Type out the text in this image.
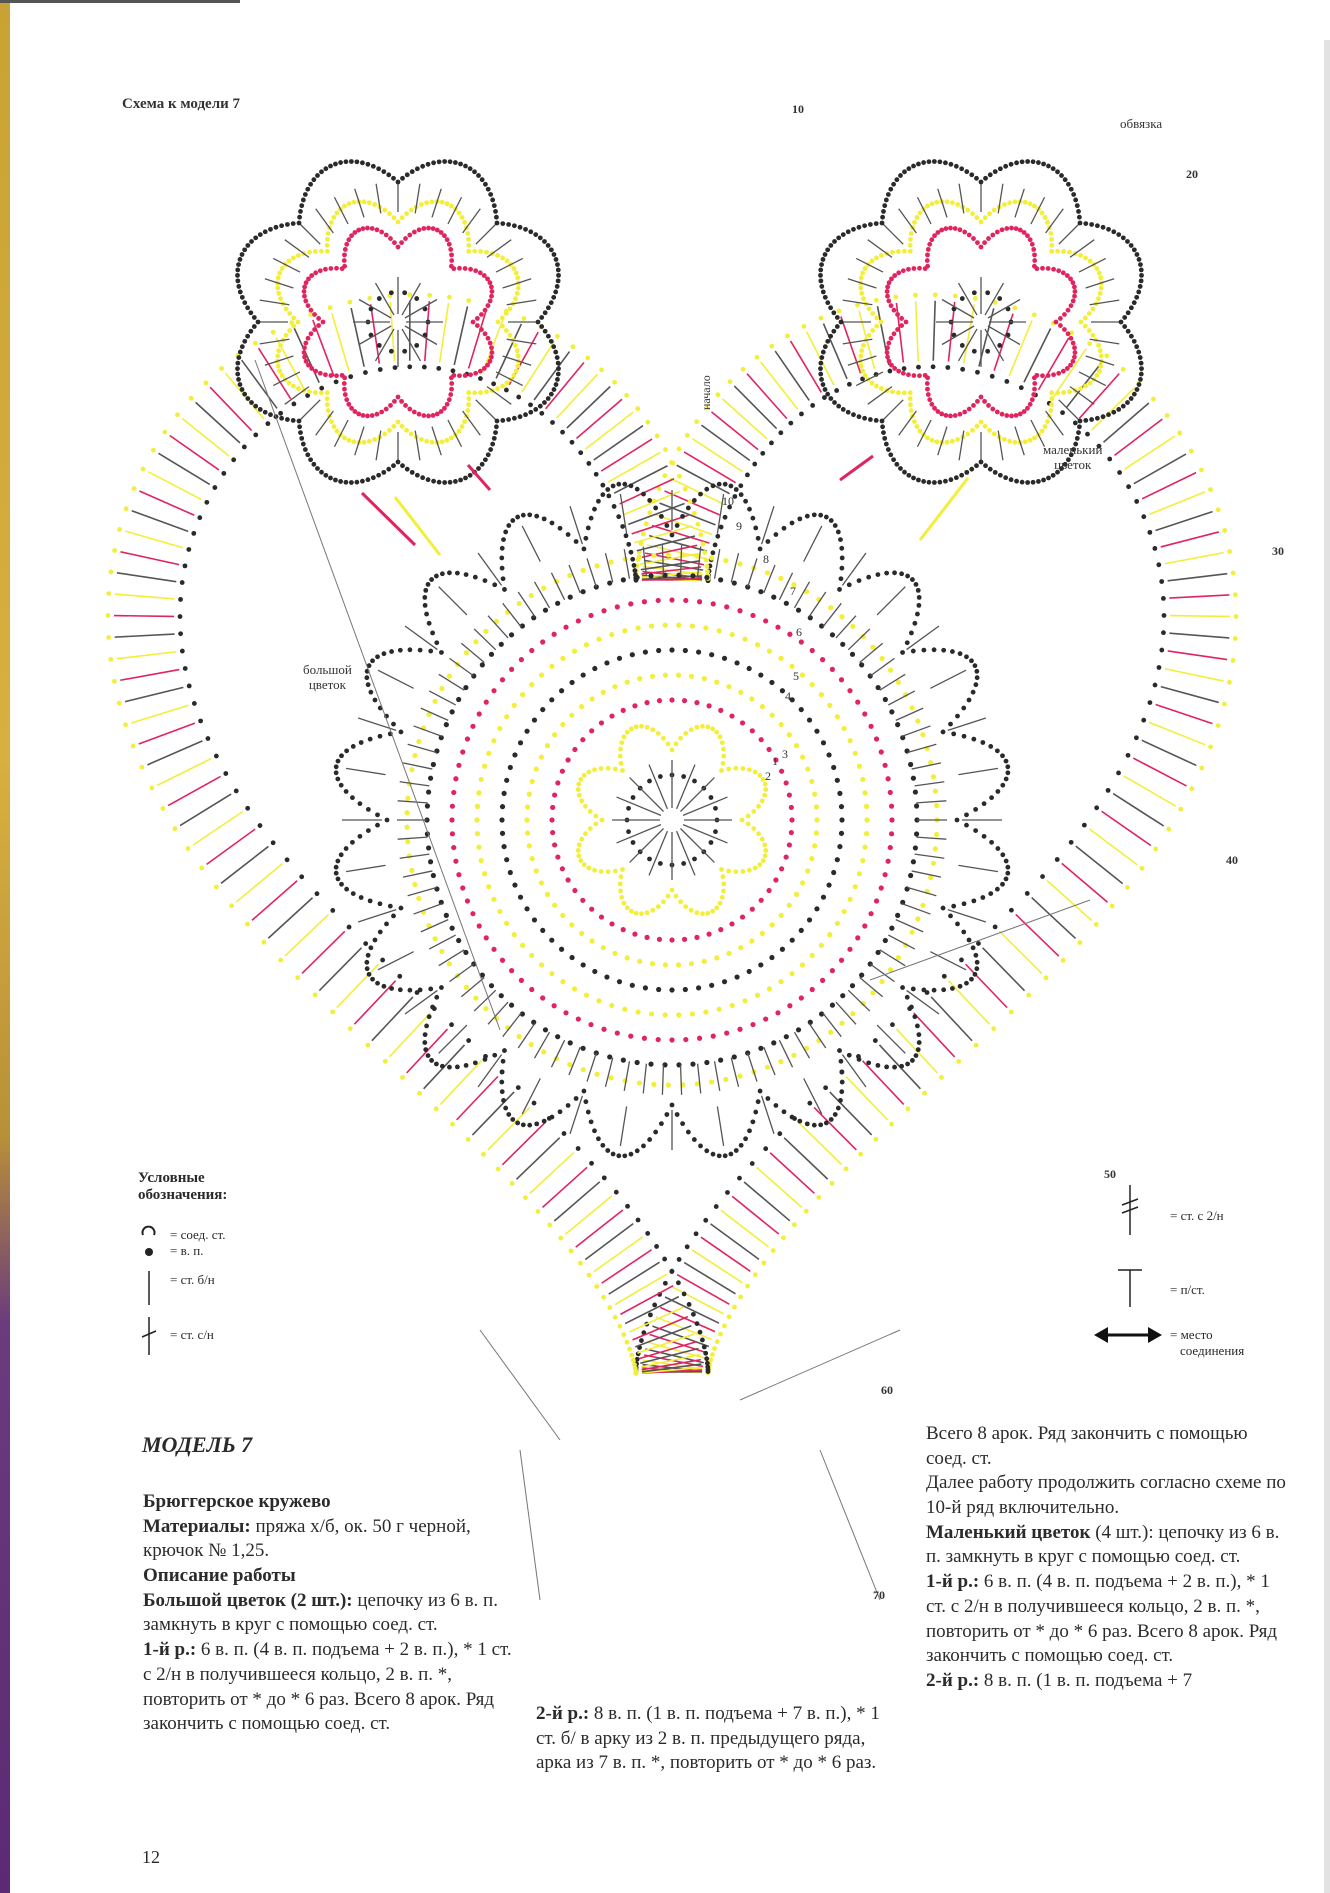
Схема к модели 7
обвязка
маленький
цветок
большой
цветок
начало
10
20
30
40
50
60
70
1
2
3
4
5
6
7
8
9
10
Условные
обозначения:
= соед. ст.
= в. п.
= ст. б/н
= ст. с/н
= ст. с 2/н
= п/ст.
= место
соединения
МОДЕЛЬ 7

Брюггерское кружево

Материалы: пряжа х/б, ок. 50 г черной, крючок № 1,25.

Описание работы

Большой цветок (2 шт.): цепочку из 6 в. п. замкнуть в круг с помощью соед. ст.

1-й р.: 6 в. п. (4 в. п. подъема + 2 в. п.), * 1 ст. с 2/н в получившееся кольцо, 2 в. п. *, повторить от * до * 6 раз. Всего 8 арок. Ряд закончить с помощью соед. ст.	2-й р.: 8 в. п. (1 в. п. подъема + 7 в. п.), * 1 ст. б/ в арку из 2 в. п. предыдущего ряда, арка из 7 в. п. *, повторить от * до * 6 раз.

Всего 8 арок. Ряд закончить с помощью соед. ст.

Далее работу продолжить согласно схеме по 10-й ряд включительно.

Маленький цветок (4 шт.): цепочку из 6 в. п. замкнуть в круг с помощью соед. ст.

1-й р.: 6 в. п. (4 в. п. подъема + 2 в. п.), * 1 ст. с 2/н в получившееся кольцо, 2 в. п. *, повторить от * до * 6 раз. Всего 8 арок. Ряд закончить с помощью соед. ст.

2-й р.: 8 в. п. (1 в. п. подъема + 7

12
